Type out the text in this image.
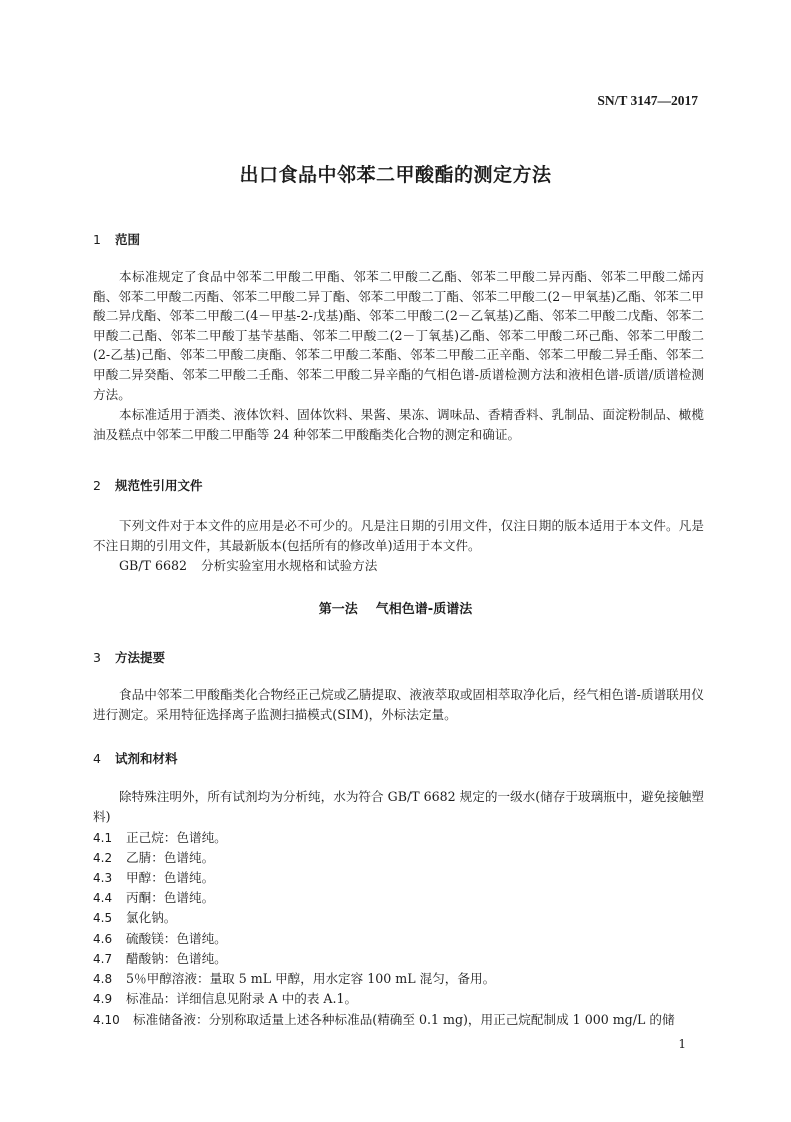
SN/T 3147—2017
出口食品中邻苯二甲酸酯的测定方法
1 范围

本标准规定了食品中邻苯二甲酸二甲酯、邻苯二甲酸二乙酯、邻苯二甲酸二异丙酯、邻苯二甲酸二烯丙酯、邻苯二甲酸二丙酯、邻苯二甲酸二异丁酯、邻苯二甲酸二丁酯、邻苯二甲酸二(2－甲氧基)乙酯、邻苯二甲酸二异戊酯、邻苯二甲酸二(4－甲基-2-戊基)酯、邻苯二甲酸二(2－乙氧基)乙酯、邻苯二甲酸二戊酯、邻苯二甲酸二己酯、邻苯二甲酸丁基苄基酯、邻苯二甲酸二(2－丁氧基)乙酯、邻苯二甲酸二环己酯、邻苯二甲酸二(2-乙基)己酯、邻苯二甲酸二庚酯、邻苯二甲酸二苯酯、邻苯二甲酸二正辛酯、邻苯二甲酸二异壬酯、邻苯二甲酸二异癸酯、邻苯二甲酸二壬酯、邻苯二甲酸二异辛酯的气相色谱-质谱检测方法和液相色谱-质谱/质谱检测方法。

本标准适用于酒类、液体饮料、固体饮料、果酱、果冻、调味品、香精香料、乳制品、面淀粉制品、橄榄油及糕点中邻苯二甲酸二甲酯等 24 种邻苯二甲酸酯类化合物的测定和确证。

2 规范性引用文件

下列文件对于本文件的应用是必不可少的。凡是注日期的引用文件，仅注日期的版本适用于本文件。凡是不注日期的引用文件，其最新版本(包括所有的修改单)适用于本文件。

GB/T 6682 分析实验室用水规格和试验方法
第一法 气相色谱-质谱法
3 方法提要

食品中邻苯二甲酸酯类化合物经正己烷或乙腈提取、液液萃取或固相萃取净化后，经气相色谱-质谱联用仪进行测定。采用特征选择离子监测扫描模式(SIM)，外标法定量。

4 试剂和材料

除特殊注明外，所有试剂均为分析纯，水为符合 GB/T 6682 规定的一级水(储存于玻璃瓶中，避免接触塑料)

4.1 正己烷：色谱纯。
4.2 乙腈：色谱纯。
4.3 甲醇：色谱纯。
4.4 丙酮：色谱纯。
4.5 氯化钠。
4.6 硫酸镁：色谱纯。
4.7 醋酸钠：色谱纯。
4.8 5％甲醇溶液：量取 5 mL 甲醇，用水定容 100 mL 混匀，备用。
4.9 标准品：详细信息见附录 A 中的表 A.1。
4.10 标准储备液：分别称取适量上述各种标准品(精确至 0.1 mg)，用正己烷配制成 1 000 mg/L 的储
1
